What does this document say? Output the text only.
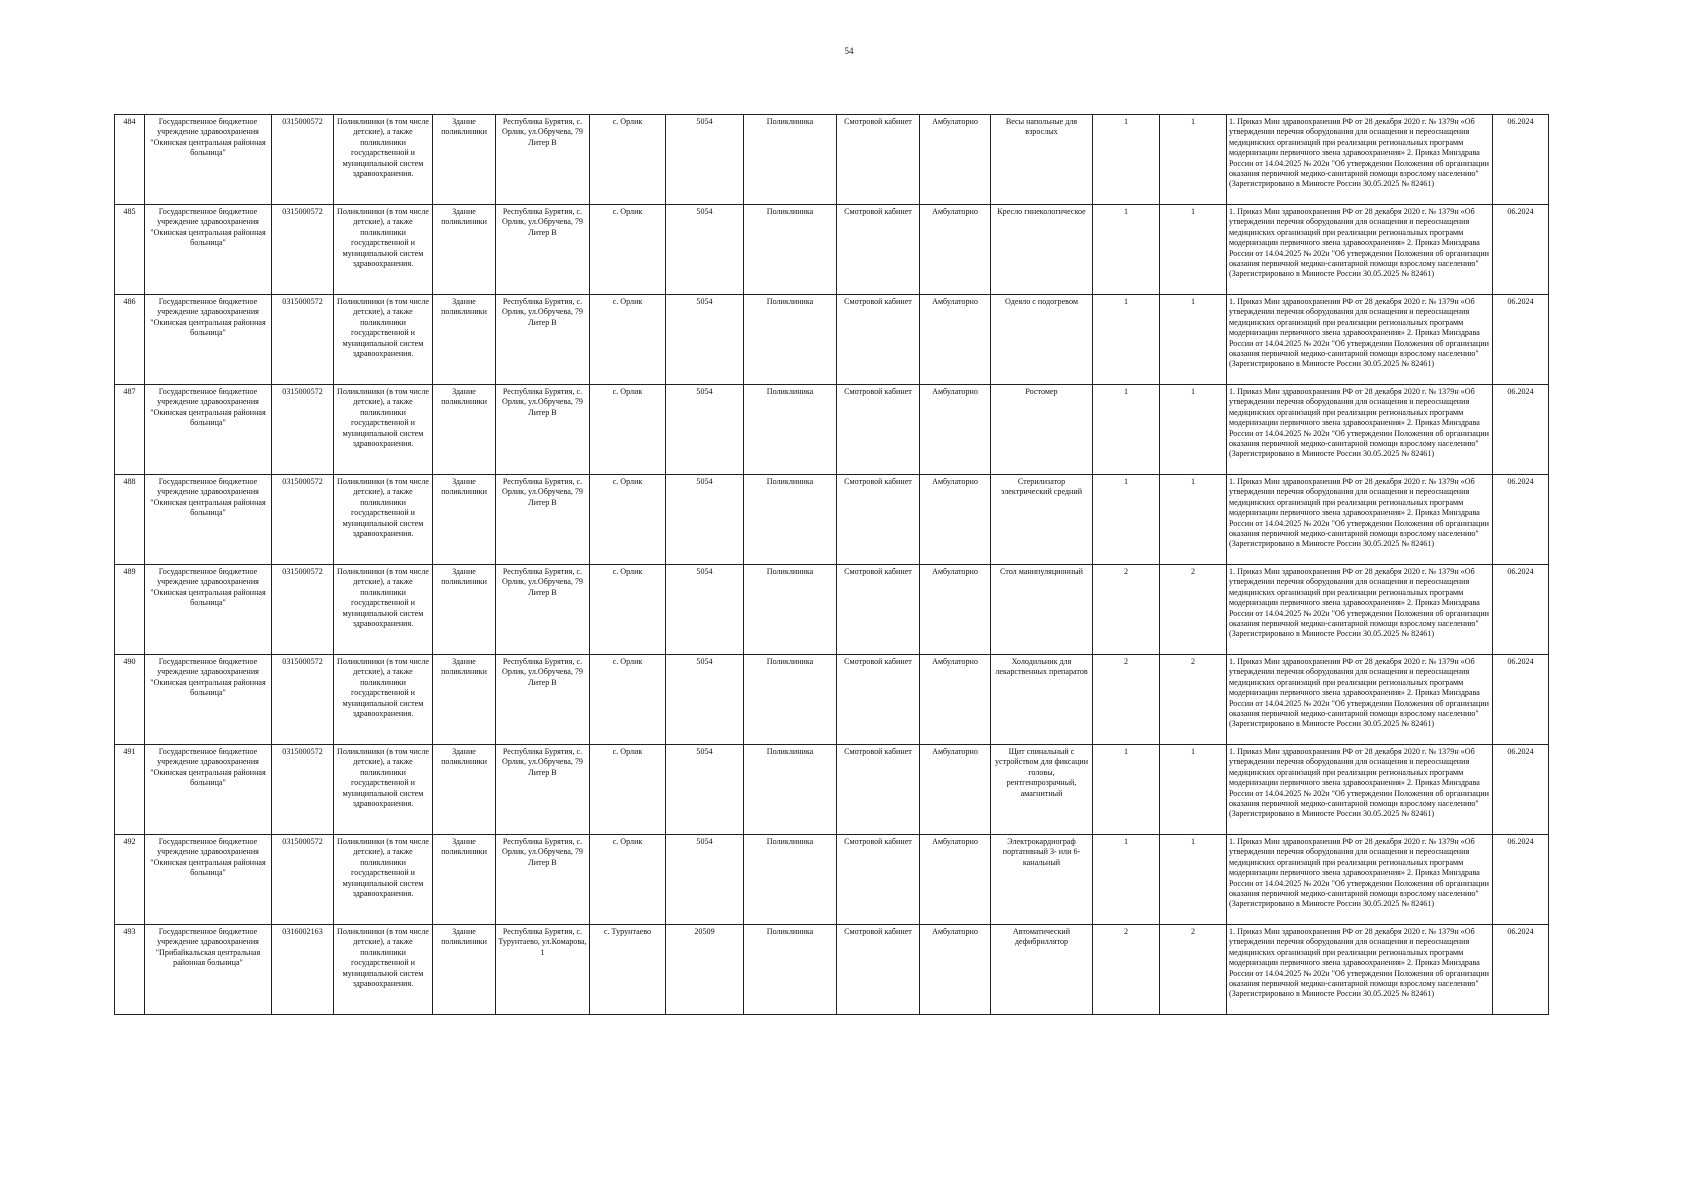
54
484	Государственное бюджетное учреждение здравоохранения "Окинская центральная районная больница"	0315000572	Поликлиники (в том числе детские), а также поликлиники государственной и муниципальной систем здравоохранения.	Здание поликлиники	Республика Бурятия, с. Орлик, ул.Обручева, 79 Литер В	с. Орлик	5054	Поликлиника	Смотровой кабинет	Амбулаторно	Весы напольные для взрослых	1	1	1. Приказ Мин здравоохранения РФ от 28 декабря 2020 г. № 1379н «Об утверждении перечня оборудования для оснащения и переоснащения медицинских организаций при реализации региональных программ модернизации первичного звена здравоохранения» 2. Приказ Минздрава России от 14.04.2025 № 202н "Об утверждении Положения об организации оказания первичной медико-санитарной помощи взрослому населению" (Зарегистрировано в Минюсте России 30.05.2025 № 82461)	06.2024
485	Государственное бюджетное учреждение здравоохранения "Окинская центральная районная больница"	0315000572	Поликлиники (в том числе детские), а также поликлиники государственной и муниципальной систем здравоохранения.	Здание поликлиники	Республика Бурятия, с. Орлик, ул.Обручева, 79 Литер В	с. Орлик	5054	Поликлиника	Смотровой кабинет	Амбулаторно	Кресло гинекологическое	1	1	1. Приказ Мин здравоохранения РФ от 28 декабря 2020 г. № 1379н «Об утверждении перечня оборудования для оснащения и переоснащения медицинских организаций при реализации региональных программ модернизации первичного звена здравоохранения» 2. Приказ Минздрава России от 14.04.2025 № 202н "Об утверждении Положения об организации оказания первичной медико-санитарной помощи взрослому населению" (Зарегистрировано в Минюсте России 30.05.2025 № 82461)	06.2024
486	Государственное бюджетное учреждение здравоохранения "Окинская центральная районная больница"	0315000572	Поликлиники (в том числе детские), а также поликлиники государственной и муниципальной систем здравоохранения.	Здание поликлиники	Республика Бурятия, с. Орлик, ул.Обручева, 79 Литер В	с. Орлик	5054	Поликлиника	Смотровой кабинет	Амбулаторно	Одеяло с подогревом	1	1	1. Приказ Мин здравоохранения РФ от 28 декабря 2020 г. № 1379н «Об утверждении перечня оборудования для оснащения и переоснащения медицинских организаций при реализации региональных программ модернизации первичного звена здравоохранения» 2. Приказ Минздрава России от 14.04.2025 № 202н "Об утверждении Положения об организации оказания первичной медико-санитарной помощи взрослому населению" (Зарегистрировано в Минюсте России 30.05.2025 № 82461)	06.2024
487	Государственное бюджетное учреждение здравоохранения "Окинская центральная районная больница"	0315000572	Поликлиники (в том числе детские), а также поликлиники государственной и муниципальной систем здравоохранения.	Здание поликлиники	Республика Бурятия, с. Орлик, ул.Обручева, 79 Литер В	с. Орлик	5054	Поликлиника	Смотровой кабинет	Амбулаторно	Ростомер	1	1	1. Приказ Мин здравоохранения РФ от 28 декабря 2020 г. № 1379н «Об утверждении перечня оборудования для оснащения и переоснащения медицинских организаций при реализации региональных программ модернизации первичного звена здравоохранения» 2. Приказ Минздрава России от 14.04.2025 № 202н "Об утверждении Положения об организации оказания первичной медико-санитарной помощи взрослому населению" (Зарегистрировано в Минюсте России 30.05.2025 № 82461)	06.2024
488	Государственное бюджетное учреждение здравоохранения "Окинская центральная районная больница"	0315000572	Поликлиники (в том числе детские), а также поликлиники государственной и муниципальной систем здравоохранения.	Здание поликлиники	Республика Бурятия, с. Орлик, ул.Обручева, 79 Литер В	с. Орлик	5054	Поликлиника	Смотровой кабинет	Амбулаторно	Стерилизатор электрический средний	1	1	1. Приказ Мин здравоохранения РФ от 28 декабря 2020 г. № 1379н «Об утверждении перечня оборудования для оснащения и переоснащения медицинских организаций при реализации региональных программ модернизации первичного звена здравоохранения» 2. Приказ Минздрава России от 14.04.2025 № 202н "Об утверждении Положения об организации оказания первичной медико-санитарной помощи взрослому населению" (Зарегистрировано в Минюсте России 30.05.2025 № 82461)	06.2024
489	Государственное бюджетное учреждение здравоохранения "Окинская центральная районная больница"	0315000572	Поликлиники (в том числе детские), а также поликлиники государственной и муниципальной систем здравоохранения.	Здание поликлиники	Республика Бурятия, с. Орлик, ул.Обручева, 79 Литер В	с. Орлик	5054	Поликлиника	Смотровой кабинет	Амбулаторно	Стол манипуляционный	2	2	1. Приказ Мин здравоохранения РФ от 28 декабря 2020 г. № 1379н «Об утверждении перечня оборудования для оснащения и переоснащения медицинских организаций при реализации региональных программ модернизации первичного звена здравоохранения» 2. Приказ Минздрава России от 14.04.2025 № 202н "Об утверждении Положения об организации оказания первичной медико-санитарной помощи взрослому населению" (Зарегистрировано в Минюсте России 30.05.2025 № 82461)	06.2024
490	Государственное бюджетное учреждение здравоохранения "Окинская центральная районная больница"	0315000572	Поликлиники (в том числе детские), а также поликлиники государственной и муниципальной систем здравоохранения.	Здание поликлиники	Республика Бурятия, с. Орлик, ул.Обручева, 79 Литер В	с. Орлик	5054	Поликлиника	Смотровой кабинет	Амбулаторно	Холодильник для лекарственных препаратов	2	2	1. Приказ Мин здравоохранения РФ от 28 декабря 2020 г. № 1379н «Об утверждении перечня оборудования для оснащения и переоснащения медицинских организаций при реализации региональных программ модернизации первичного звена здравоохранения» 2. Приказ Минздрава России от 14.04.2025 № 202н "Об утверждении Положения об организации оказания первичной медико-санитарной помощи взрослому населению" (Зарегистрировано в Минюсте России 30.05.2025 № 82461)	06.2024
491	Государственное бюджетное учреждение здравоохранения "Окинская центральная районная больница"	0315000572	Поликлиники (в том числе детские), а также поликлиники государственной и муниципальной систем здравоохранения.	Здание поликлиники	Республика Бурятия, с. Орлик, ул.Обручева, 79 Литер В	с. Орлик	5054	Поликлиника	Смотровой кабинет	Амбулаторно	Щит спинальный с устройством для фиксации головы, рентгенпрозрачный, амагнитный	1	1	1. Приказ Мин здравоохранения РФ от 28 декабря 2020 г. № 1379н «Об утверждении перечня оборудования для оснащения и переоснащения медицинских организаций при реализации региональных программ модернизации первичного звена здравоохранения» 2. Приказ Минздрава России от 14.04.2025 № 202н "Об утверждении Положения об организации оказания первичной медико-санитарной помощи взрослому населению" (Зарегистрировано в Минюсте России 30.05.2025 № 82461)	06.2024
492	Государственное бюджетное учреждение здравоохранения "Окинская центральная районная больница"	0315000572	Поликлиники (в том числе детские), а также поликлиники государственной и муниципальной систем здравоохранения.	Здание поликлиники	Республика Бурятия, с. Орлик, ул.Обручева, 79 Литер В	с. Орлик	5054	Поликлиника	Смотровой кабинет	Амбулаторно	Электрокардиограф портативный 3- или 6-канальный	1	1	1. Приказ Мин здравоохранения РФ от 28 декабря 2020 г. № 1379н «Об утверждении перечня оборудования для оснащения и переоснащения медицинских организаций при реализации региональных программ модернизации первичного звена здравоохранения» 2. Приказ Минздрава России от 14.04.2025 № 202н "Об утверждении Положения об организации оказания первичной медико-санитарной помощи взрослому населению" (Зарегистрировано в Минюсте России 30.05.2025 № 82461)	06.2024
493	Государственное бюджетное учреждение здравоохранения "Прибайкальская центральная районная больница"	0316002163	Поликлиники (в том числе детские), а также поликлиники государственной и муниципальной систем здравоохранения.	Здание поликлиники	Республика Бурятия, с. Турунтаево, ул.Комарова, 1	с. Турунтаево	20509	Поликлиника	Смотровой кабинет	Амбулаторно	Автоматический дефибриллятор	2	2	1. Приказ Мин здравоохранения РФ от 28 декабря 2020 г. № 1379н «Об утверждении перечня оборудования для оснащения и переоснащения медицинских организаций при реализации региональных программ модернизации первичного звена здравоохранения» 2. Приказ Минздрава России от 14.04.2025 № 202н "Об утверждении Положения об организации оказания первичной медико-санитарной помощи взрослому населению" (Зарегистрировано в Минюсте России 30.05.2025 № 82461)	06.2024
